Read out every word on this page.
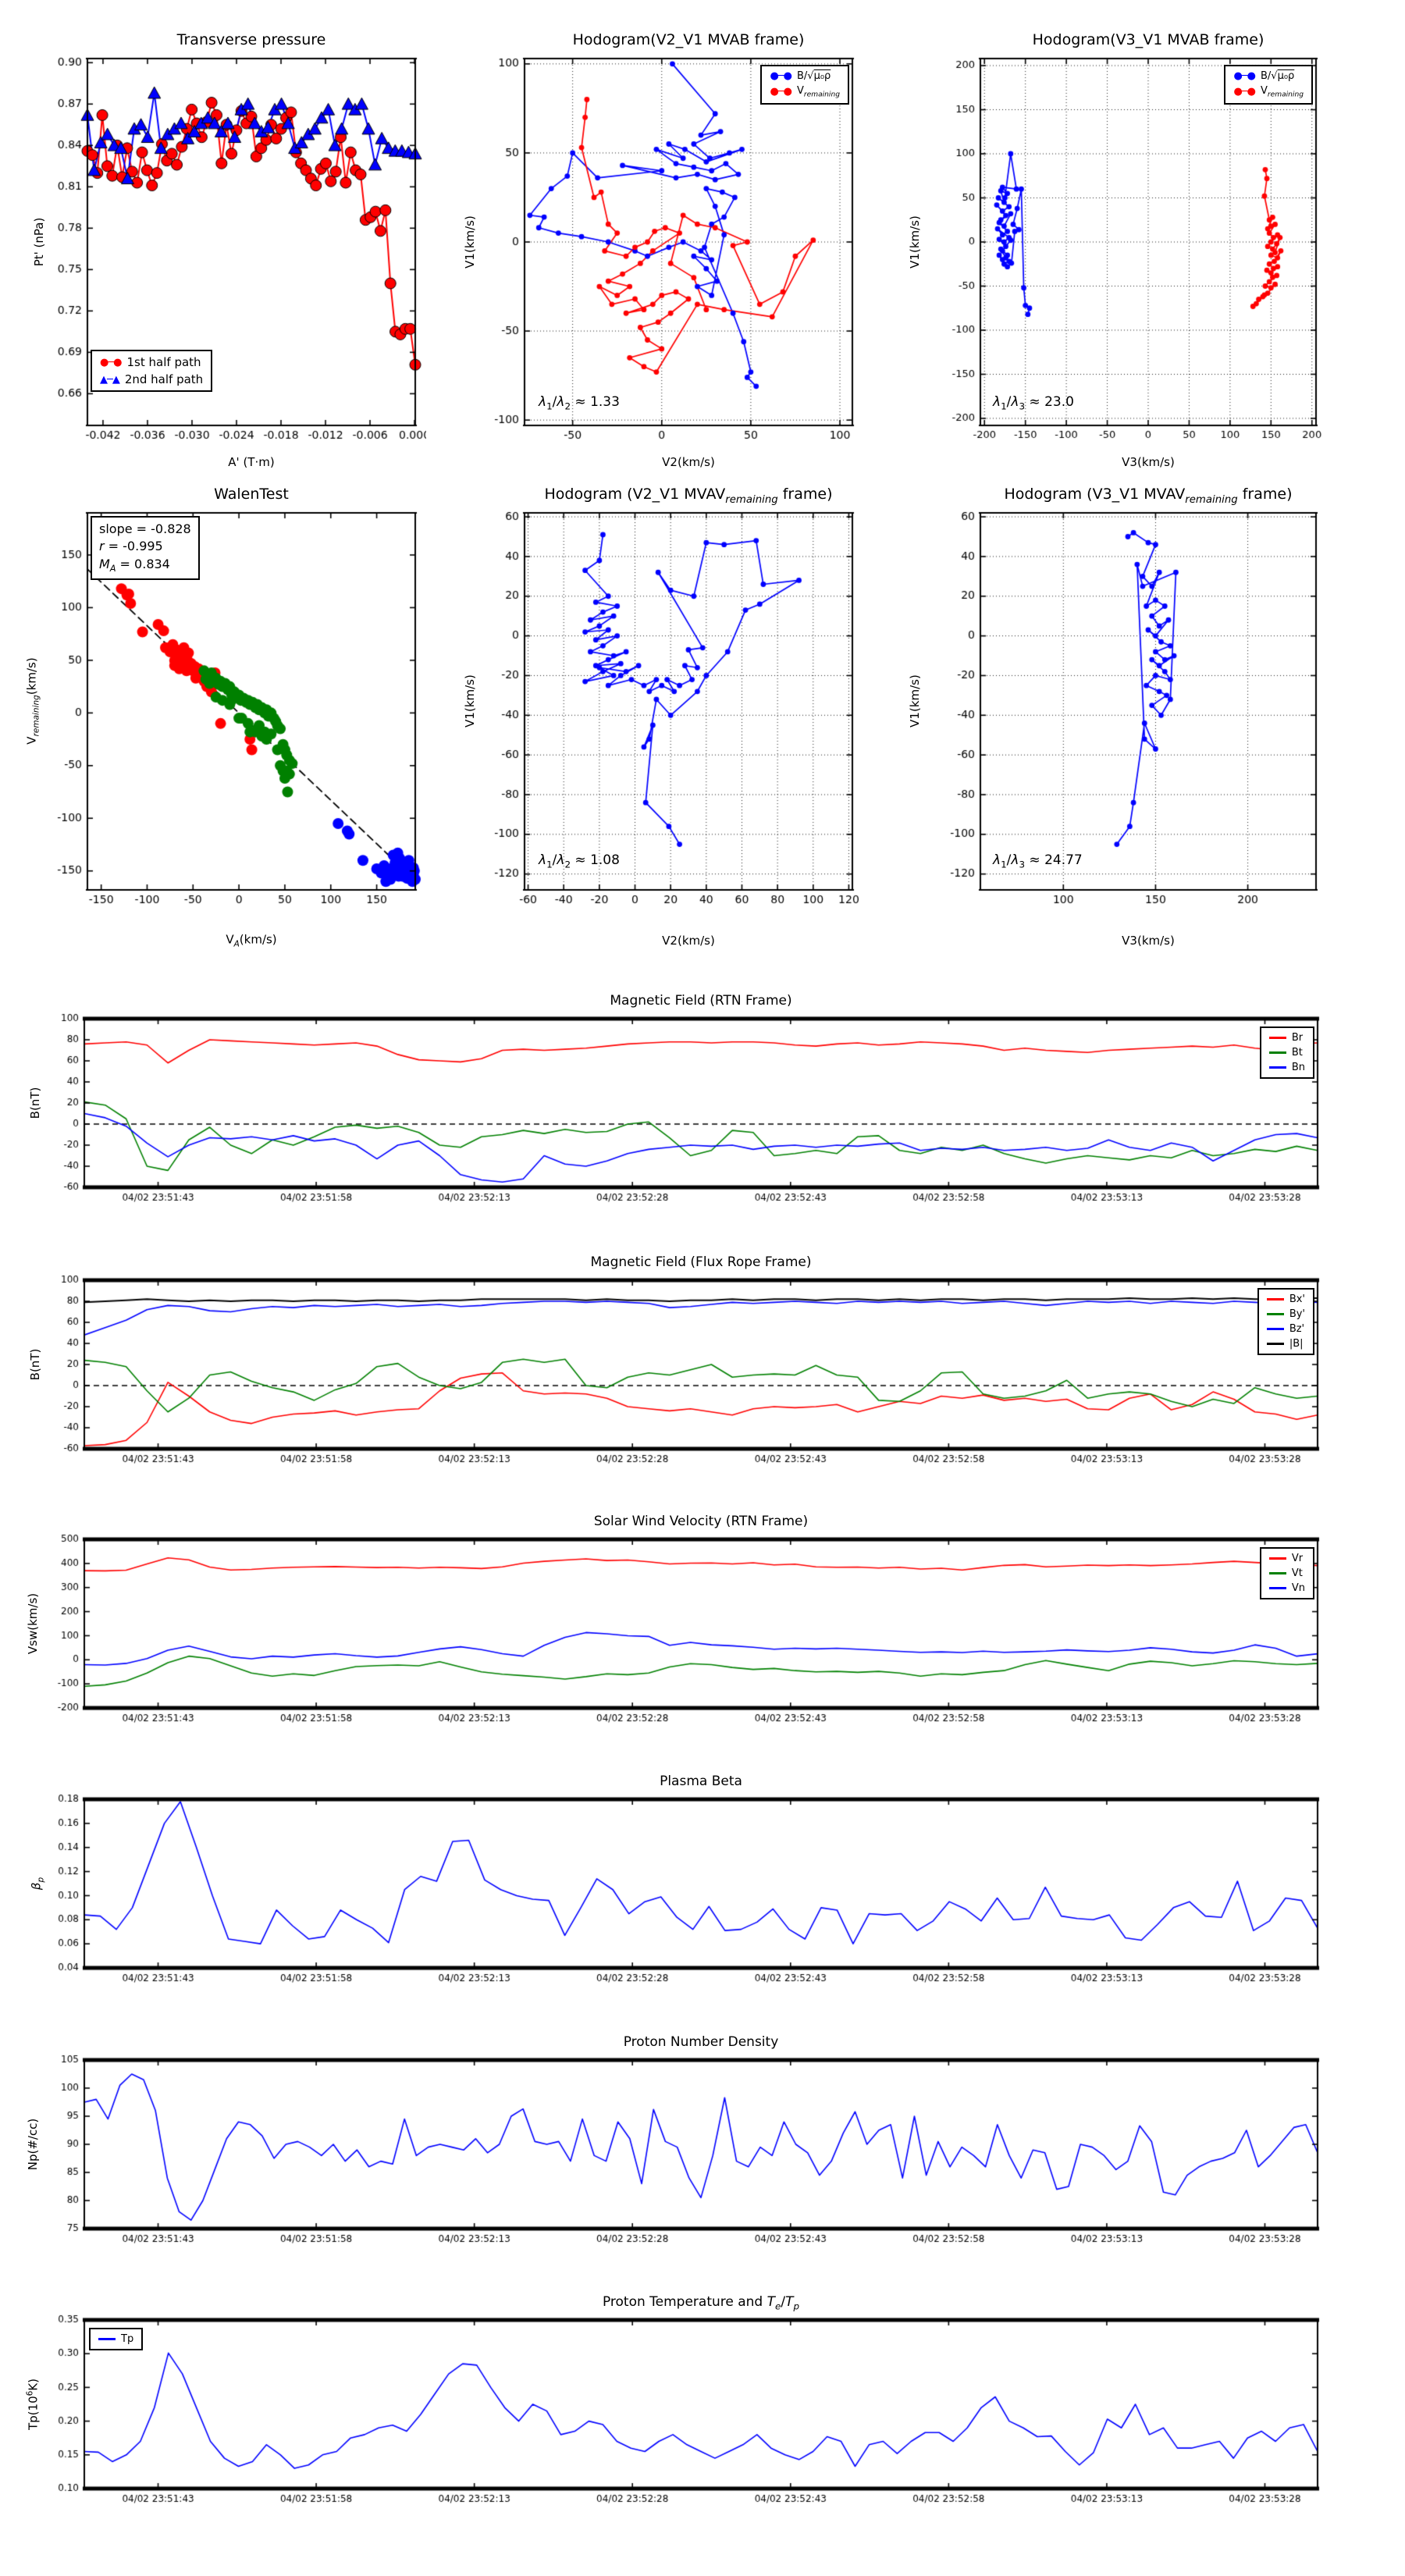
Transverse pressure
Pt' (nPa)
A' (T·m)
●─● 1st half path
▲─▲ 2nd half path
Hodogram(V2_V1 MVAB frame)
V1(km/s)
V2(km/s)
●─● B/√μ₀ρ
●─● $V_{remaining}$
$\lambda_1/\lambda_2 \approx 1.33$
Hodogram(V3_V1 MVAB frame)
V1(km/s)
V3(km/s)
●─● B/√μ₀ρ
●─● $V_{remaining}$
$\lambda_1/\lambda_3 \approx 23.0$
WalenTest
$V_{remaining}(km/s)$
$V_A(km/s)$
slope = -0.828
r = -0.995
$M_A = 0.834$
Hodogram (V2_V1 $MVAV_{remaining}$ frame)
V1(km/s)
V2(km/s)
$\lambda_1/\lambda_2 \approx 1.08$
Hodogram (V3_V1 $MVAV_{remaining}$ frame)
V1(km/s)
V3(km/s)
$\lambda_1/\lambda_3 \approx 24.77$
Magnetic Field (RTN Frame)
B(nT)
Br
Bt
Bn
Magnetic Field (Flux Rope Frame)
B(nT)
Bx'
By'
Bz'
|B|
Solar Wind Velocity (RTN Frame)
Vsw(km/s)
Vr
Vt
Vn
Plasma Beta
$\beta_p$
Proton Number Density
Np(#/cc)
Proton Temperature and $T_e/T_p$
$Tp(10^6K)$
Tp
